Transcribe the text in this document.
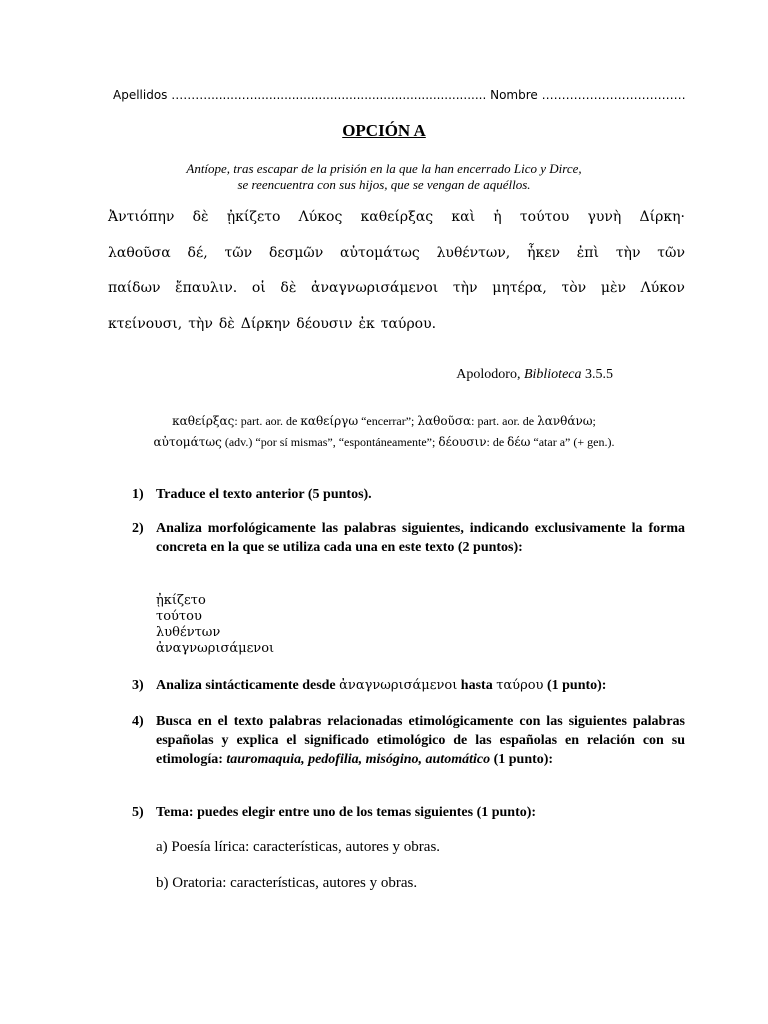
Apellidos ……….........…............................................................. Nombre ………………………………
OPCIÓN A
Antíope, tras escapar de la prisión en la que la han encerrado Lico y Dirce,
se reencuentra con sus hijos, que se vengan de aquéllos.
Ἀντιόπην δὲ ᾐκίζετο Λύκος καθείρξας καὶ ἡ τούτου γυνὴ Δίρκη·
λαθοῦσα δέ, τῶν δεσμῶν αὐτομάτως λυθέντων, ἧκεν ἐπὶ τὴν τῶν
παίδων ἔπαυλιν. οἱ δὲ ἀναγνωρισάμενοι τὴν μητέρα, τὸν μὲν Λύκον
κτείνουσι, τὴν δὲ Δίρκην δέουσιν ἐκ ταύρου.
Apolodoro, Biblioteca 3.5.5
καθείρξας: part. aor. de καθείργω “encerrar”; λαθοῦσα: part. aor. de λανθάνω;
αὐτομάτως (adv.) “por sí mismas”, “espontáneamente”; δέουσιν: de δέω “atar a” (+ gen.).
1) Traduce el texto anterior (5 puntos).
2) Analiza morfológicamente las palabras siguientes, indicando exclusivamente la forma concreta en la que se utiliza cada una en este texto (2 puntos):
ᾐκίζετο
τούτου
λυθέντων
ἀναγνωρισάμενοι
3) Analiza sintácticamente desde ἀναγνωρισάμενοι hasta ταύρου (1 punto):
4) Busca en el texto palabras relacionadas etimológicamente con las siguientes palabras españolas y explica el significado etimológico de las españolas en relación con su etimología: tauromaquia, pedofilia, misógino, automático (1 punto):
5) Tema: puedes elegir entre uno de los temas siguientes (1 punto):
a) Poesía lírica: características, autores y obras.
b) Oratoria: características, autores y obras.
